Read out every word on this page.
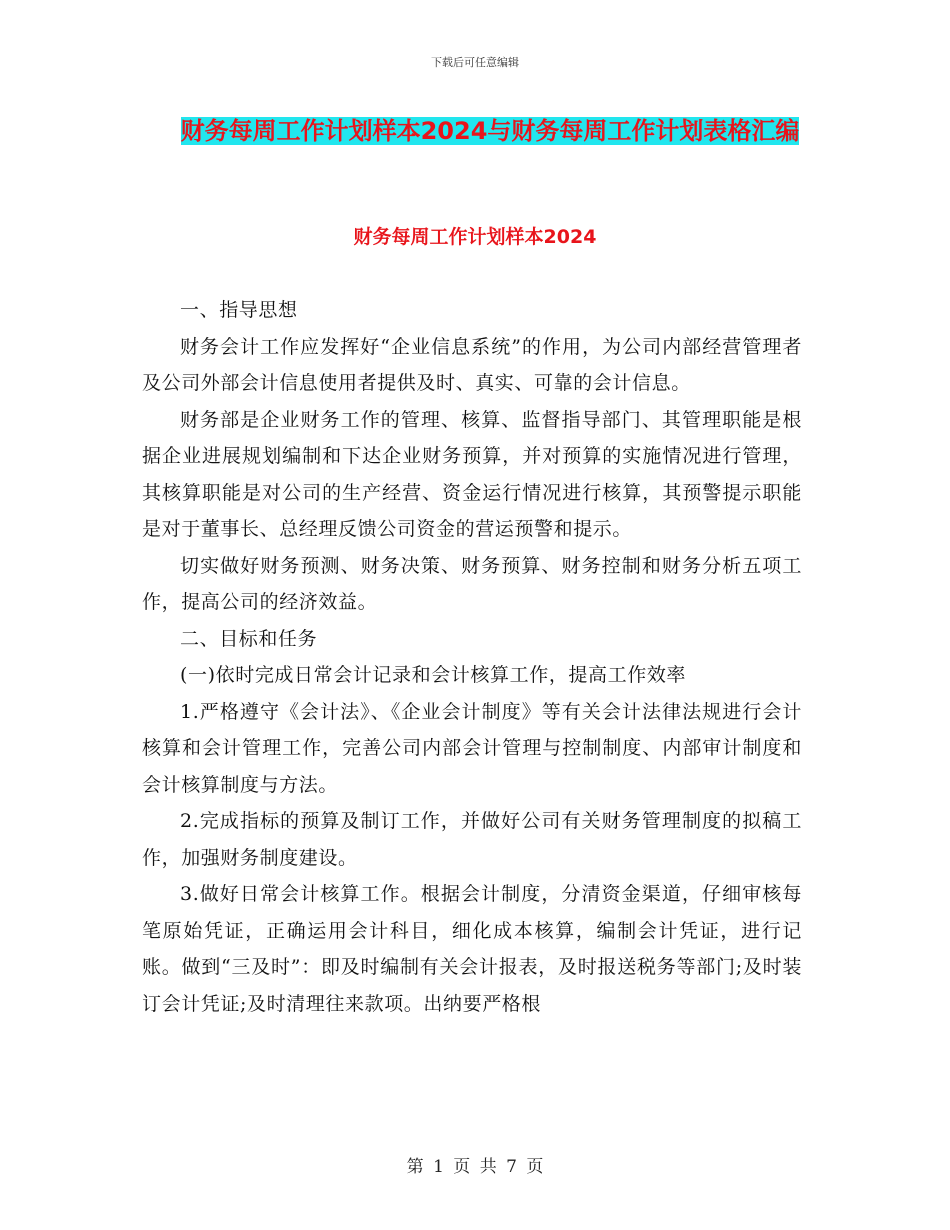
下载后可任意编辑
财务每周工作计划样本2024与财务每周工作计划表格汇编
财务每周工作计划样本2024

一、指导思想

财务会计工作应发挥好“企业信息系统”的作用，为公司内部经营管理者及公司外部会计信息使用者提供及时、真实、可靠的会计信息。

财务部是企业财务工作的管理、核算、监督指导部门、其管理职能是根据企业进展规划编制和下达企业财务预算，并对预算的实施情况进行管理，其核算职能是对公司的生产经营、资金运行情况进行核算，其预警提示职能是对于董事长、总经理反馈公司资金的营运预警和提示。

切实做好财务预测、财务决策、财务预算、财务控制和财务分析五项工作，提高公司的经济效益。

二、目标和任务

(一)依时完成日常会计记录和会计核算工作，提高工作效率

1.严格遵守《会计法》、《企业会计制度》等有关会计法律法规进行会计核算和会计管理工作，完善公司内部会计管理与控制制度、内部审计制度和会计核算制度与方法。

2.完成指标的预算及制订工作，并做好公司有关财务管理制度的拟稿工作，加强财务制度建设。

3.做好日常会计核算工作。根据会计制度，分清资金渠道，仔细审核每笔原始凭证，正确运用会计科目，细化成本核算，编制会计凭证，进行记账。做到“三及时”：即及时编制有关会计报表，及时报送税务等部门;及时装订会计凭证;及时清理往来款项。出纳要严格根

第 1 页 共 7 页
